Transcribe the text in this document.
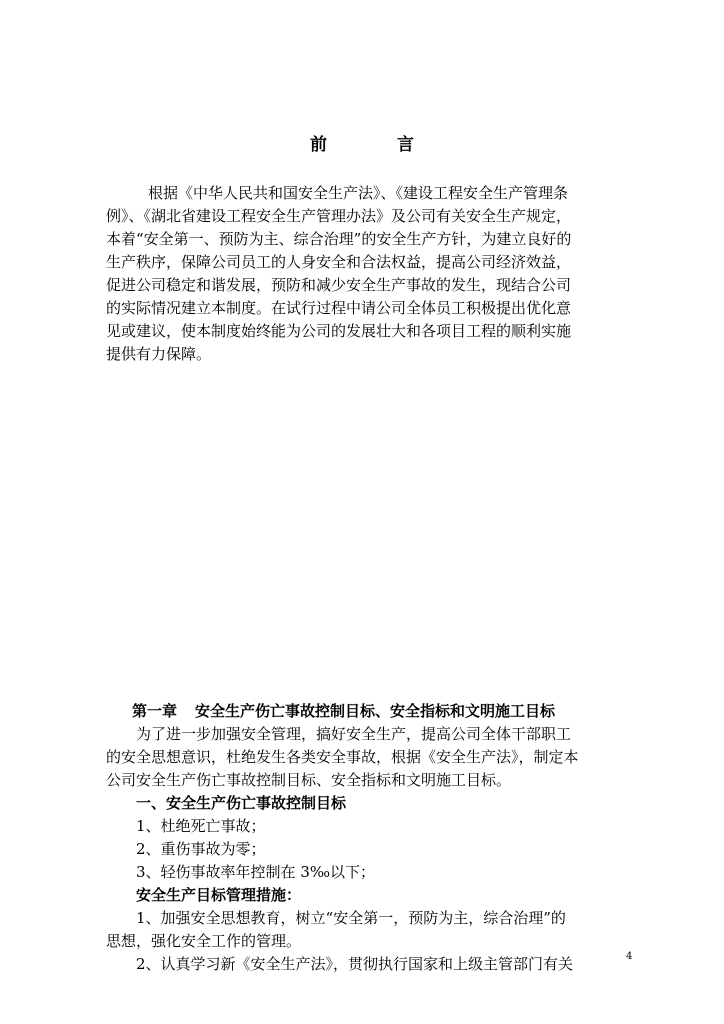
前	言
根据《中华人民共和国安全生产法》、《建设工程安全生产管理条
例》、《湖北省建设工程安全生产管理办法》及公司有关安全生产规定，
本着“安全第一、预防为主、综合治理”的安全生产方针，为建立良好的
生产秩序，保障公司员工的人身安全和合法权益，提高公司经济效益，
促进公司稳定和谐发展，预防和减少安全生产事故的发生，现结合公司
的实际情况建立本制度。在试行过程中请公司全体员工积极提出优化意
见或建议，使本制度始终能为公司的发展壮大和各项目工程的顺利实施
提供有力保障。
第一章 安全生产伤亡事故控制目标、安全指标和文明施工目标
为了进一步加强安全管理，搞好安全生产，提高公司全体干部职工
的安全思想意识，杜绝发生各类安全事故，根据《安全生产法》，制定本
公司安全生产伤亡事故控制目标、安全指标和文明施工目标。
一、安全生产伤亡事故控制目标
1、杜绝死亡事故；
2、重伤事故为零；
3、轻伤事故率年控制在 3‰以下；
安全生产目标管理措施：
1、加强安全思想教育，树立“安全第一，预防为主，综合治理”的
思想，强化安全工作的管理。
2、认真学习新《安全生产法》，贯彻执行国家和上级主管部门有关	4
